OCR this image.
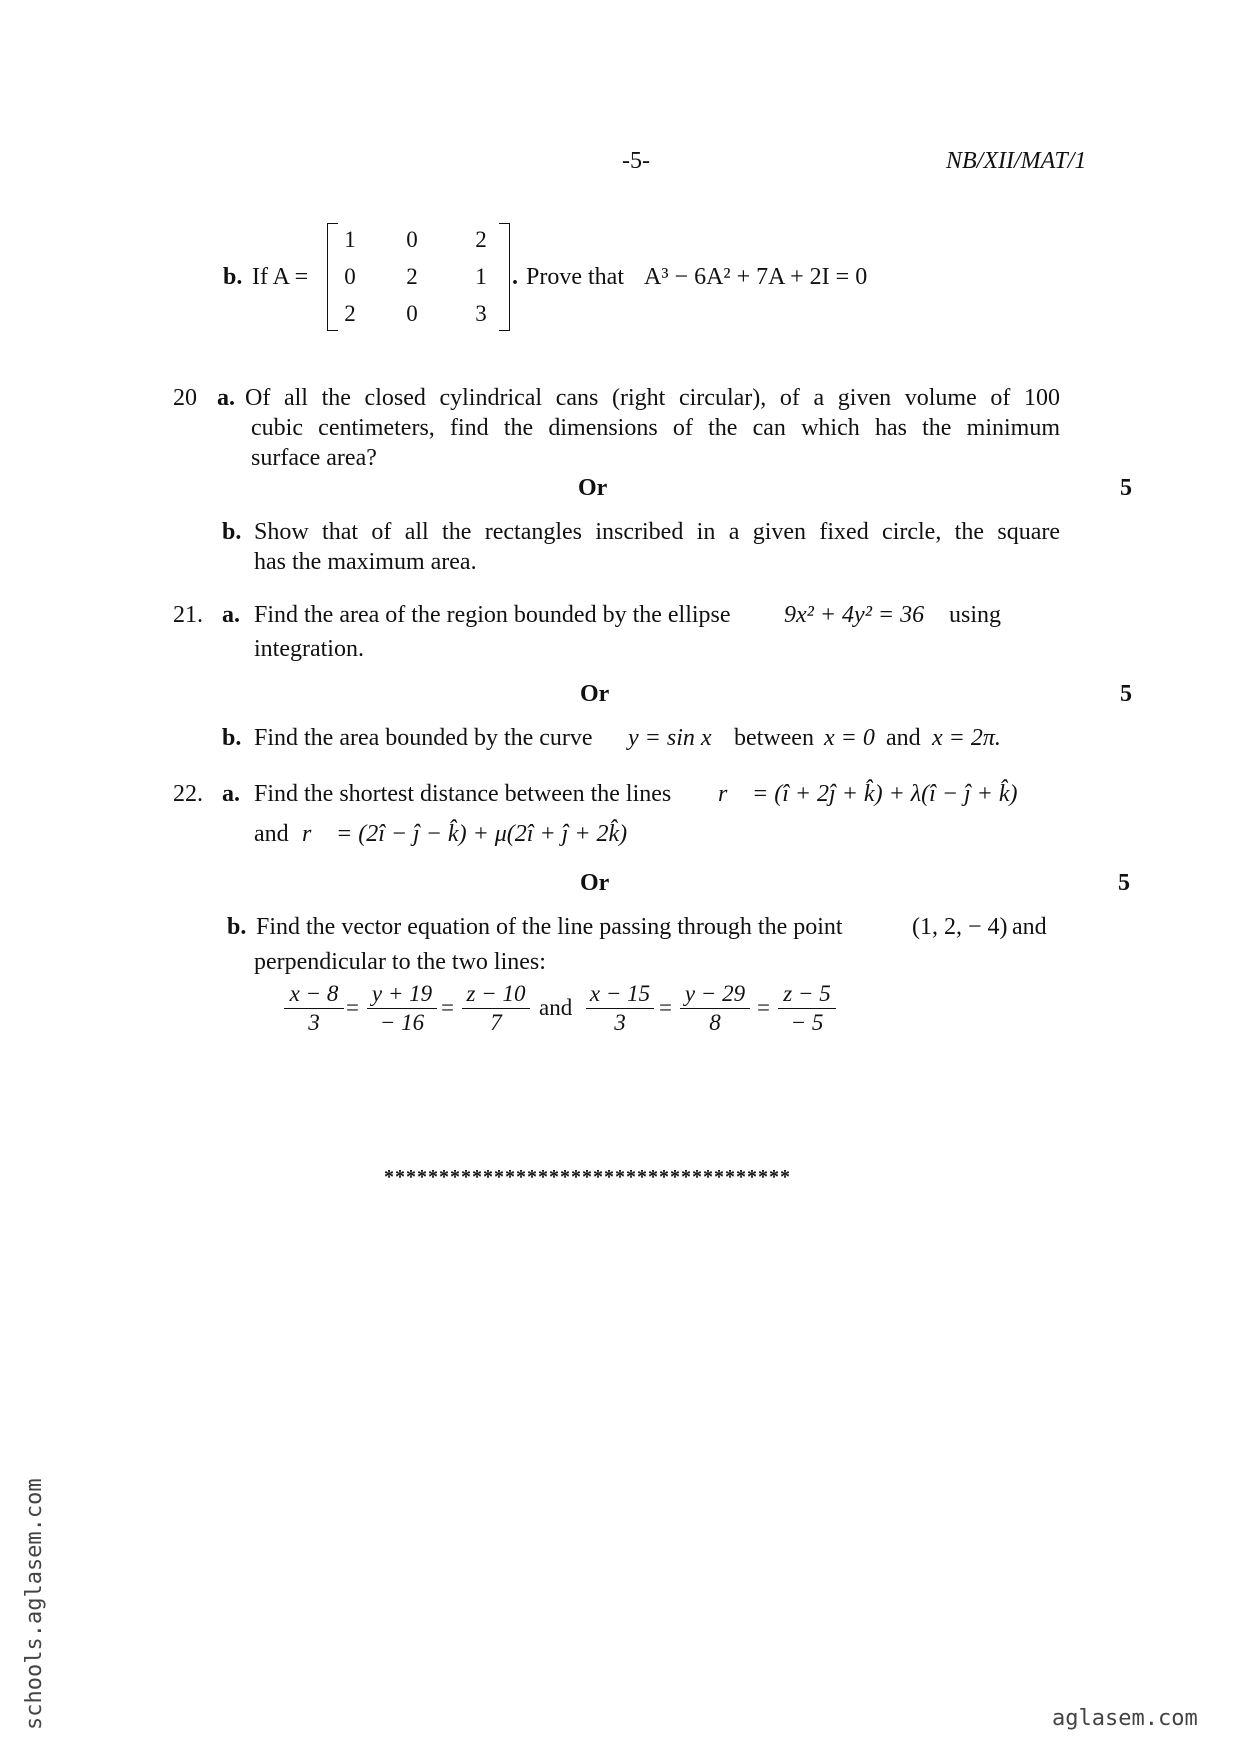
-5-	NB/XII/MAT/1
b. If A =
1	0	2
0	2	1
2	0	3
. Prove that A³ − 6A² + 7A + 2I = 0
20 a. Of all the closed cylindrical cans (right circular), of a given volume of 100
cubic centimeters, find the dimensions of the can which has the minimum
surface area?
Or	5
b. Show that of all the rectangles inscribed in a given fixed circle, the square
has the maximum area.
21. a. Find the area of the region bounded by the ellipse 9x² + 4y² = 36 using
integration.
Or	5
b. Find the area bounded by the curve y = sin x between x = 0 and x = 2π.
22. a. Find the shortest distance between the lines r⃗ = (î + 2ĵ + k̂) + λ(î − ĵ + k̂)
and r⃗ = (2î − ĵ − k̂) + μ(2î + ĵ + 2k̂)
Or	5
b. Find the vector equation of the line passing through the point	(1, 2, − 4) and
perpendicular to the two lines:
$\frac{x - 8}{3} = \frac{y + 19}{- 16} = \frac{z - 10}{7}$ and $\frac{x - 15}{3} = \frac{y - 29}{8} = \frac{z - 5}{- 5}$
*************************************
schools.aglasem.com	aglasem.com
